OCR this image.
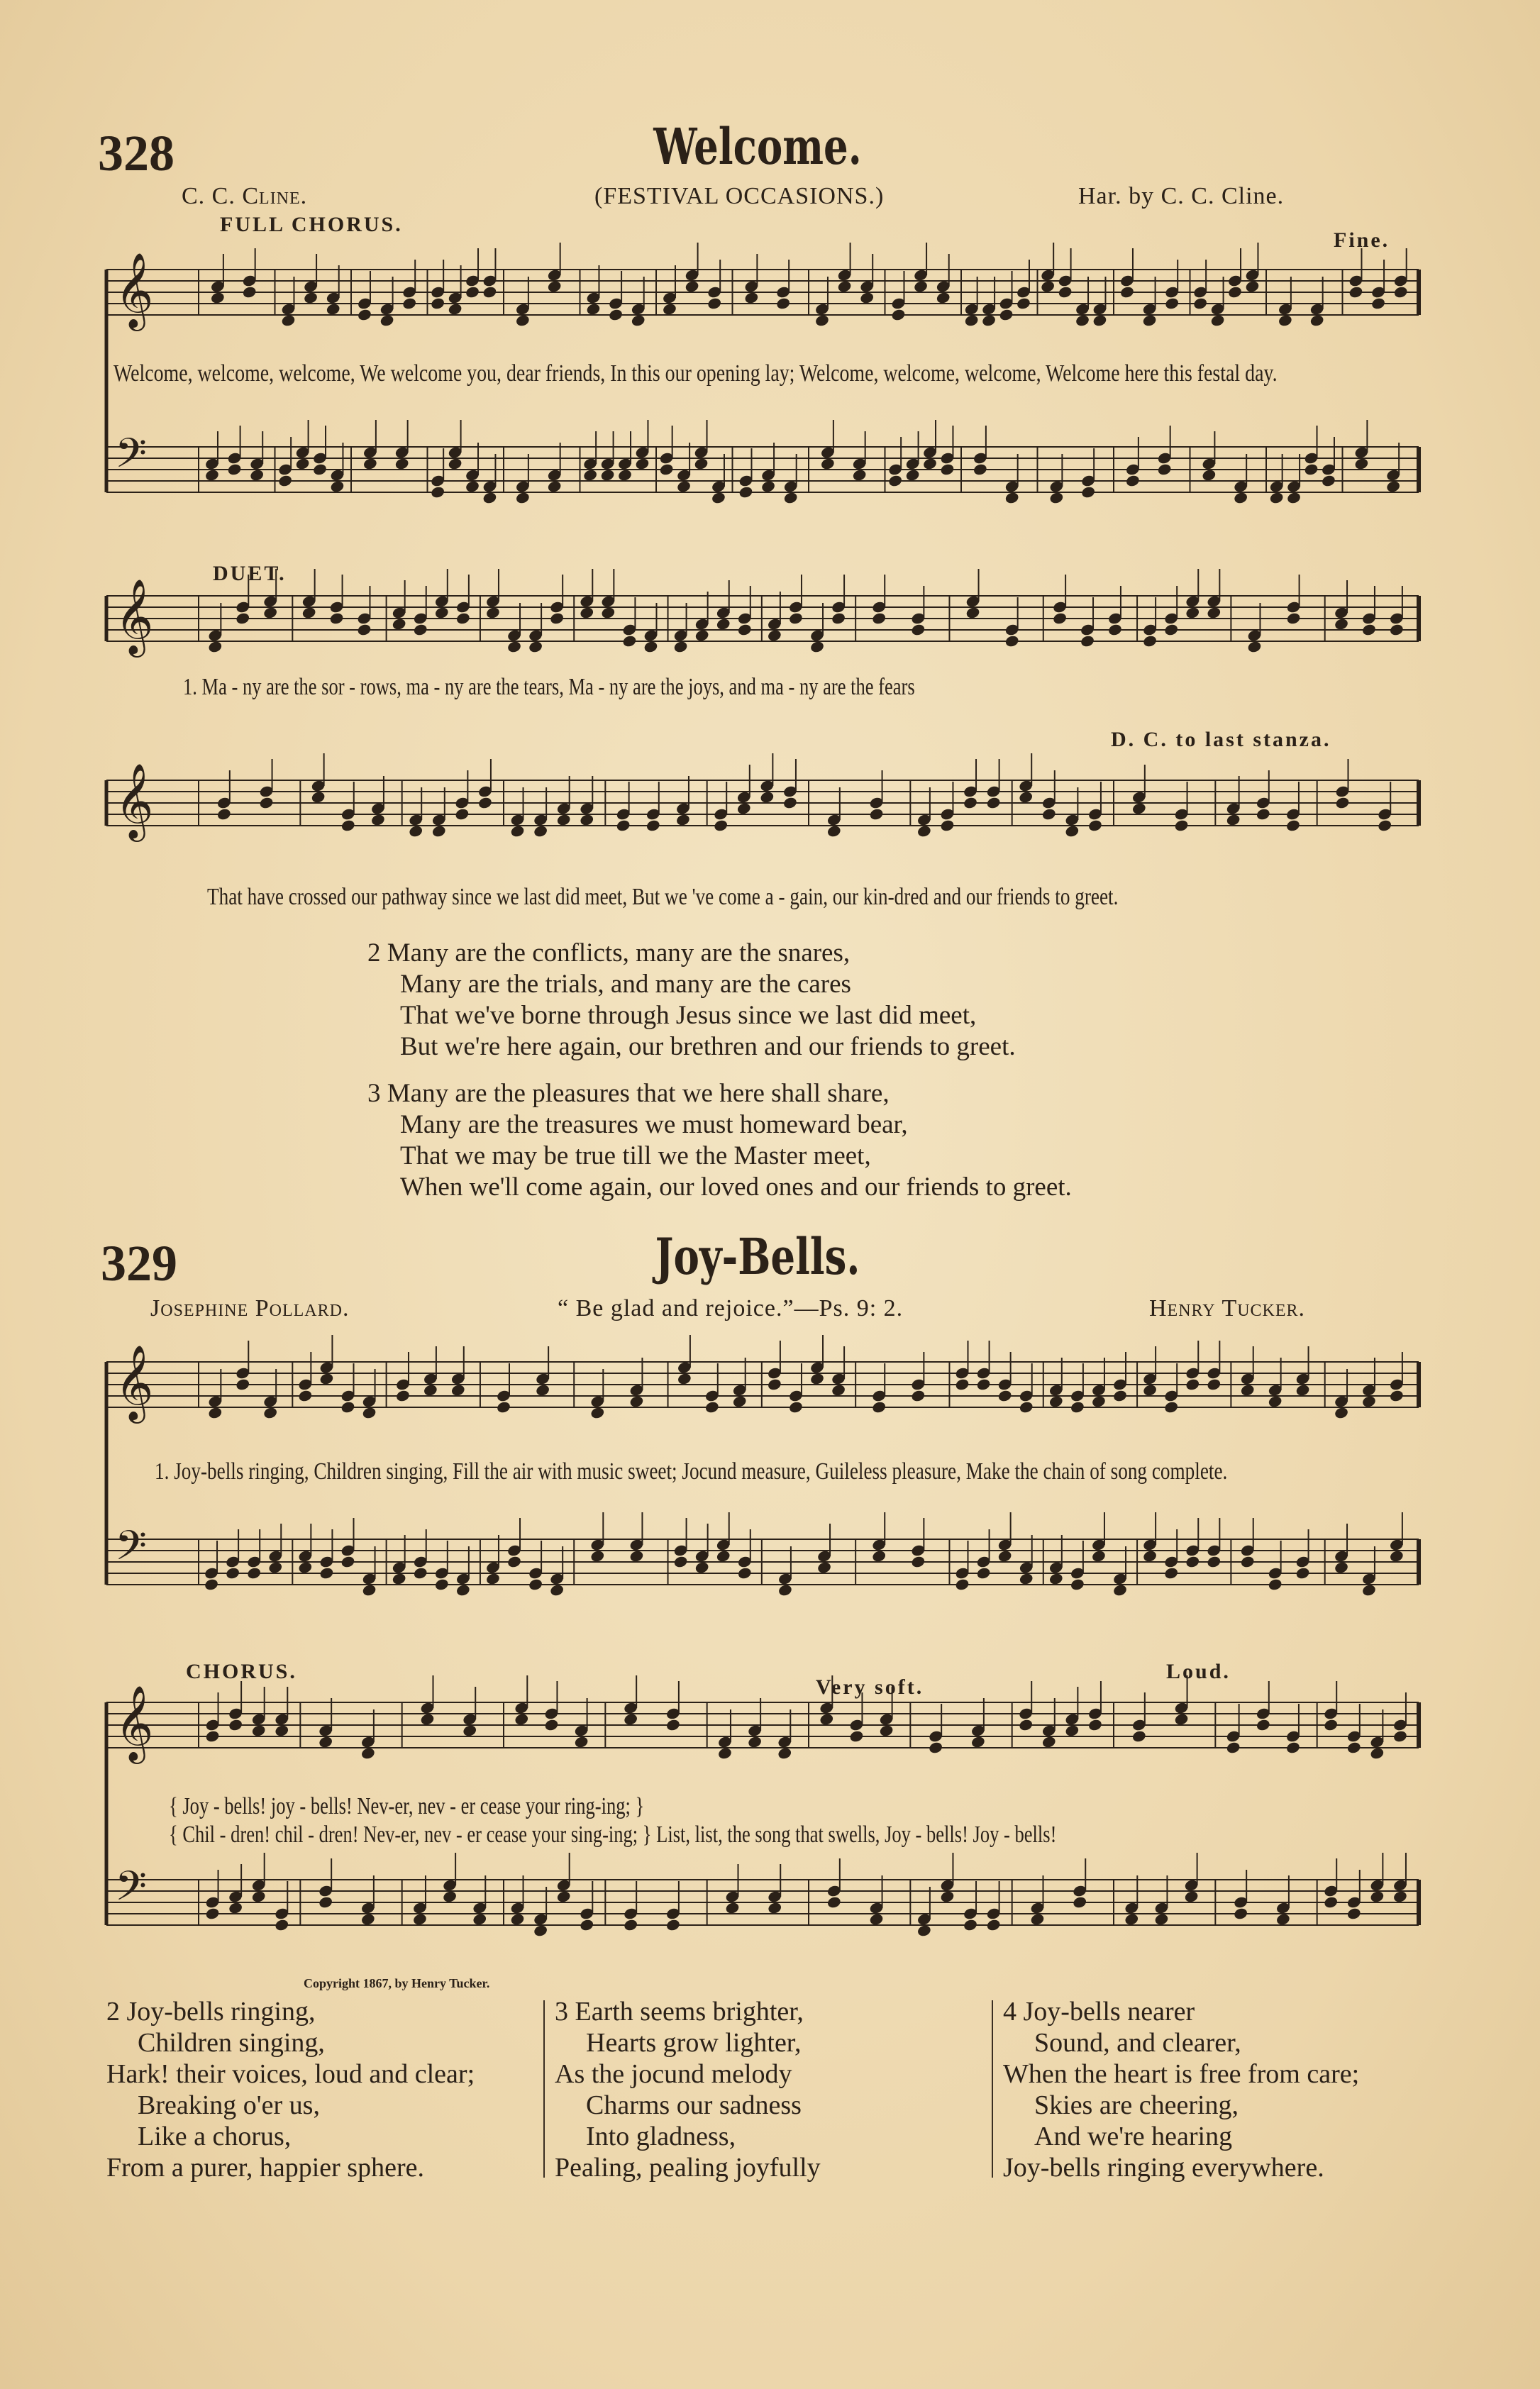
328	Welcome.
C. C. Cline.	(FESTIVAL OCCASIONS.)	Har. by C. C. Cline.
FULL CHORUS.
Fine.
𝄞
𝄢
Welcome, welcome, welcome, We welcome you, dear friends, In this our opening lay; Welcome, welcome, welcome, Welcome here this festal day.
DUET.
𝄞
1. Ma - ny are the sor - rows, ma - ny are the tears, Ma - ny are the joys, and ma - ny are the fears
D. C. to last stanza.
𝄞
That have crossed our pathway since we last did meet, But we 've come a - gain, our kin-dred and our friends to greet.
2 Many are the conflicts, many are the snares,
Many are the trials, and many are the cares
That we've borne through Jesus since we last did meet,
But we're here again, our brethren and our friends to greet.
3 Many are the pleasures that we here shall share,
Many are the treasures we must homeward bear,
That we may be true till we the Master meet,
When we'll come again, our loved ones and our friends to greet.
329	Joy-Bells.
Josephine Pollard.	“ Be glad and rejoice.”—Ps. 9: 2.	Henry Tucker.
𝄞
𝄢
1. Joy-bells ringing, Children singing, Fill the air with music sweet; Jocund measure, Guileless pleasure, Make the chain of song complete.
CHORUS.
Very soft.
Loud.
𝄞
𝄢
{ Joy - bells! joy - bells! Nev-er, nev - er cease your ring-ing; }
{ Chil - dren! chil - dren! Nev-er, nev - er cease your sing-ing; } List, list, the song that swells, Joy - bells! Joy - bells!
Copyright 1867, by Henry Tucker.
2 Joy-bells ringing,
Children singing,
Hark! their voices, loud and clear;
Breaking o'er us,
Like a chorus,
From a purer, happier sphere.
3 Earth seems brighter,
Hearts grow lighter,
As the jocund melody
Charms our sadness
Into gladness,
Pealing, pealing joyfully
4 Joy-bells nearer
Sound, and clearer,
When the heart is free from care;
Skies are cheering,
And we're hearing
Joy-bells ringing everywhere.
